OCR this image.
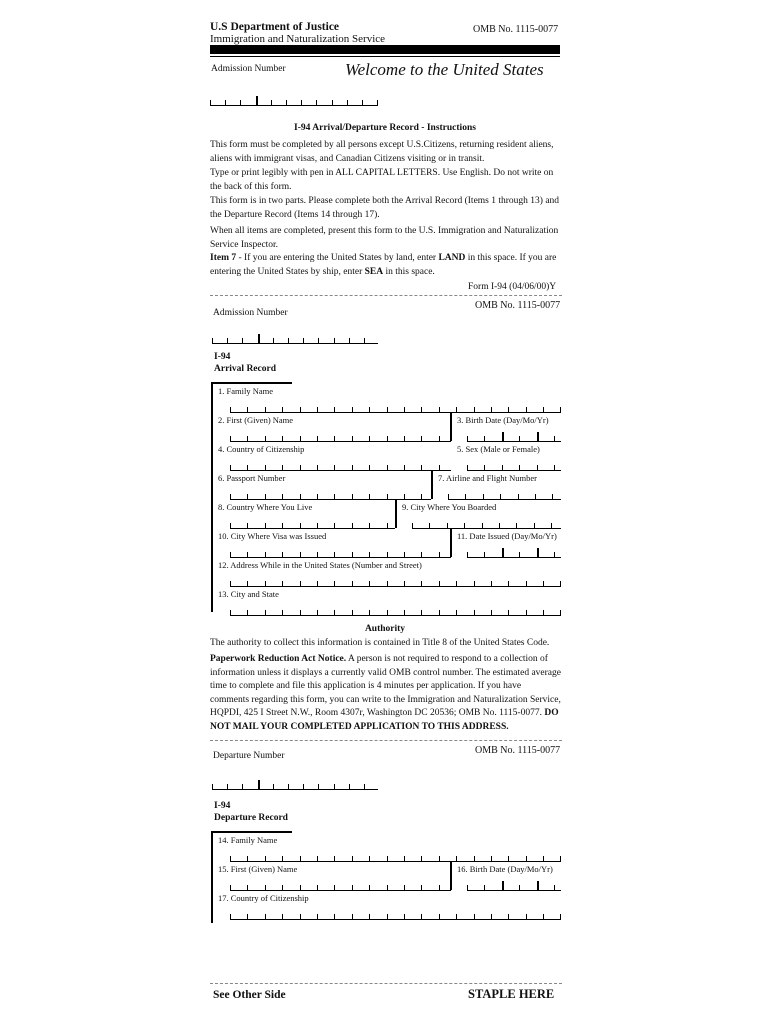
U.S Department of Justice
Immigration and Naturalization Service
OMB No. 1115-0077
Admission Number	Welcome to the United States
I-94 Arrival/Departure Record - Instructions
This form must be completed by all persons except U.S.Citizens, returning resident aliens, aliens with immigrant visas, and Canadian Citizens visiting or in transit.
Type or print legibly with pen in ALL CAPITAL LETTERS. Use English. Do not write on the back of this form.
This form is in two parts. Please complete both the Arrival Record (Items 1 through 13) and the Departure Record (Items 14 through 17).
When all items are completed, present this form to the U.S. Immigration and Naturalization Service Inspector.
Item 7 - If you are entering the United States by land, enter LAND in this space. If you are entering the United States by ship, enter SEA in this space.
Form I-94 (04/06/00)Y
OMB No. 1115-0077
Admission Number
I-94
Arrival Record
1. Family Name
2. First (Given) Name	3. Birth Date (Day/Mo/Yr)
4. Country of Citizenship	5. Sex (Male or Female)
6. Passport Number	7. Airline and Flight Number
8. Country Where You Live	9. City Where You Boarded
10. City Where Visa was Issued	11. Date Issued (Day/Mo/Yr)
12. Address While in the United States (Number and Street)
13. City and State
Authority
The authority to collect this information is contained in Title 8 of the United States Code.
Paperwork Reduction Act Notice. A person is not required to respond to a collection of information unless it displays a currently valid OMB control number. The estimated average time to complete and file this application is 4 minutes per application. If you have comments regarding this form, you can write to the Immigration and Naturalization Service, HQPDI, 425 I Street N.W., Room 4307r, Washington DC 20536; OMB No. 1115-0077. DO NOT MAIL YOUR COMPLETED APPLICATION TO THIS ADDRESS.
OMB No. 1115-0077
Departure Number
I-94
Departure Record
14. Family Name
15. First (Given) Name	16. Birth Date (Day/Mo/Yr)
17. Country of Citizenship
See Other Side	STAPLE HERE
